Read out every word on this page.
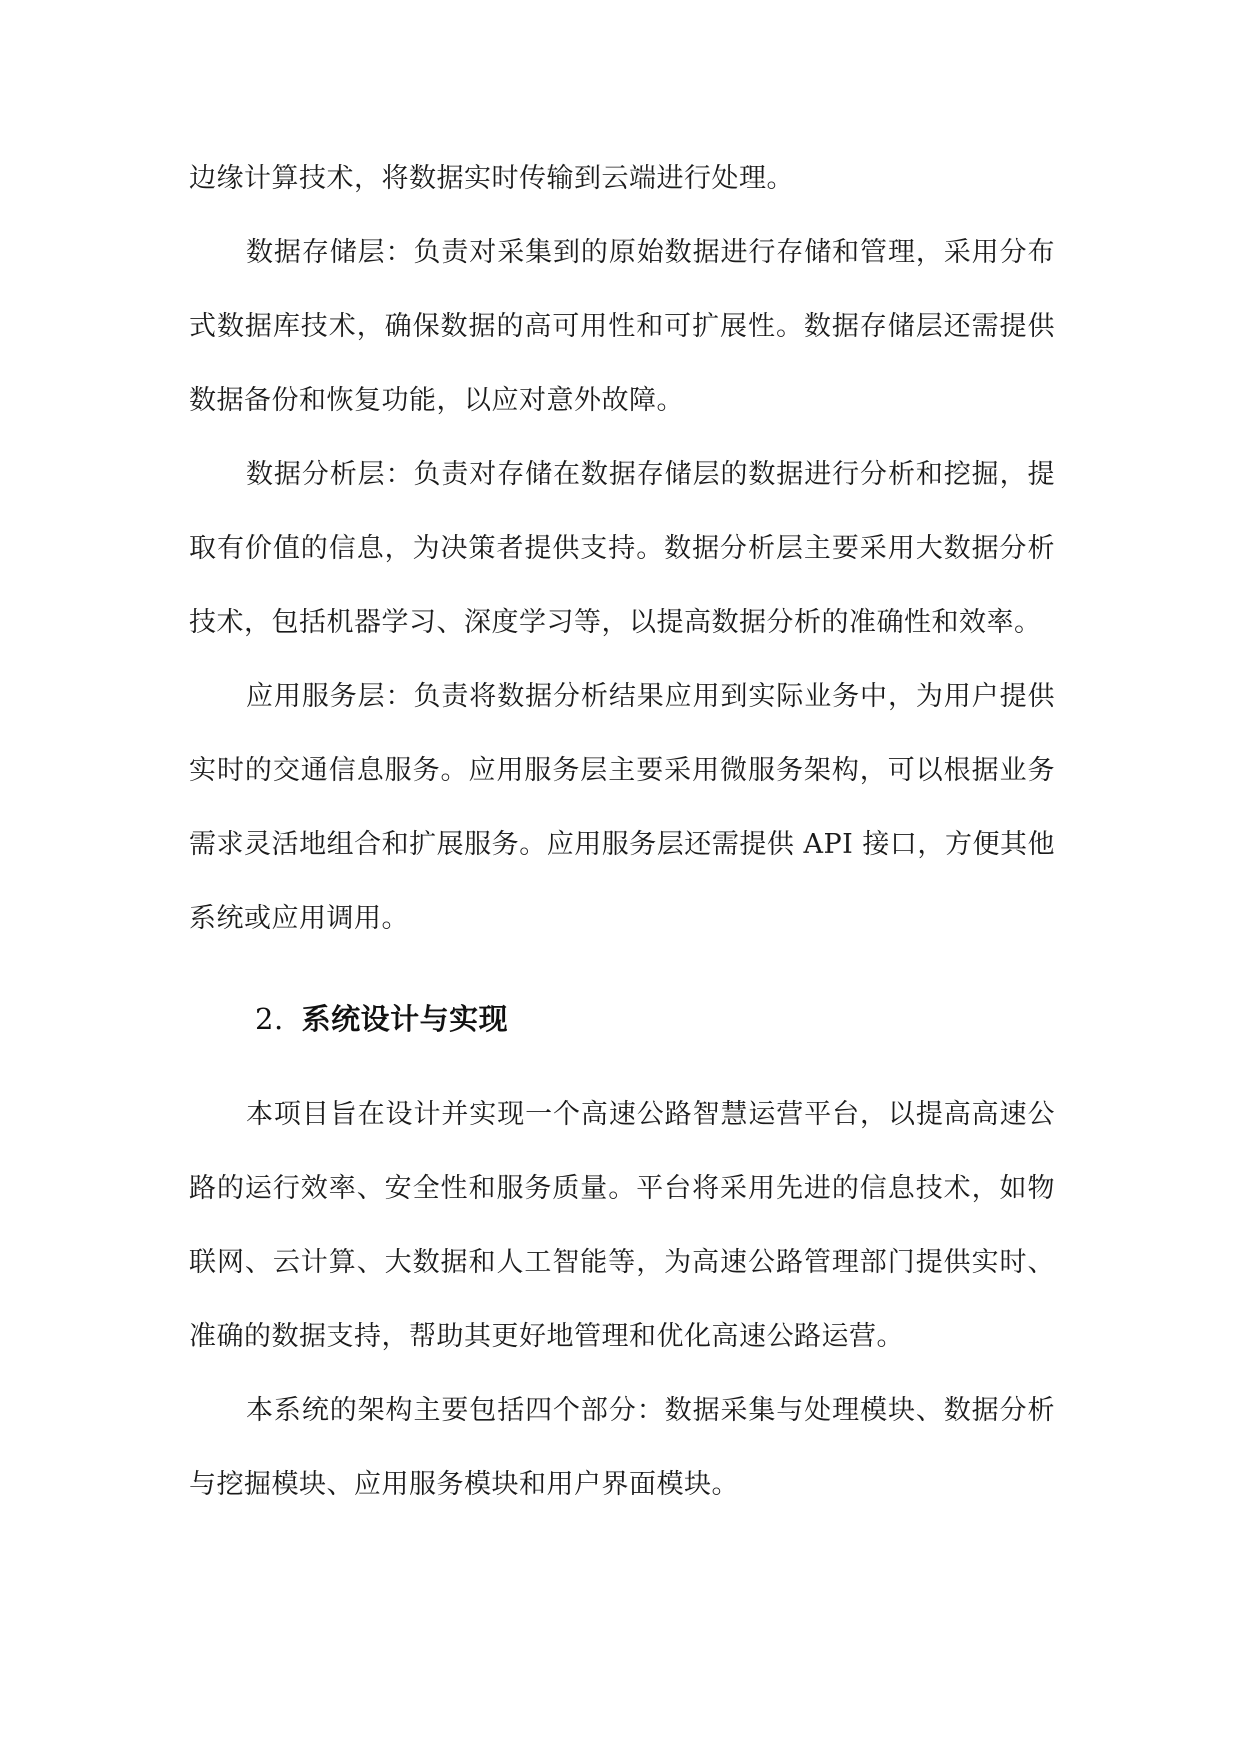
边缘计算技术，将数据实时传输到云端进行处理。

数据存储层：负责对采集到的原始数据进行存储和管理，采用分布式数据库技术，确保数据的高可用性和可扩展性。数据存储层还需提供数据备份和恢复功能，以应对意外故障。

数据分析层：负责对存储在数据存储层的数据进行分析和挖掘，提取有价值的信息，为决策者提供支持。数据分析层主要采用大数据分析技术，包括机器学习、深度学习等，以提高数据分析的准确性和效率。

应用服务层：负责将数据分析结果应用到实际业务中，为用户提供实时的交通信息服务。应用服务层主要采用微服务架构，可以根据业务需求灵活地组合和扩展服务。应用服务层还需提供 API 接口，方便其他系统或应用调用。

2. 系统设计与实现

本项目旨在设计并实现一个高速公路智慧运营平台，以提高高速公路的运行效率、安全性和服务质量。平台将采用先进的信息技术，如物联网、云计算、大数据和人工智能等，为高速公路管理部门提供实时、准确的数据支持，帮助其更好地管理和优化高速公路运营。

本系统的架构主要包括四个部分：数据采集与处理模块、数据分析与挖掘模块、应用服务模块和用户界面模块。
